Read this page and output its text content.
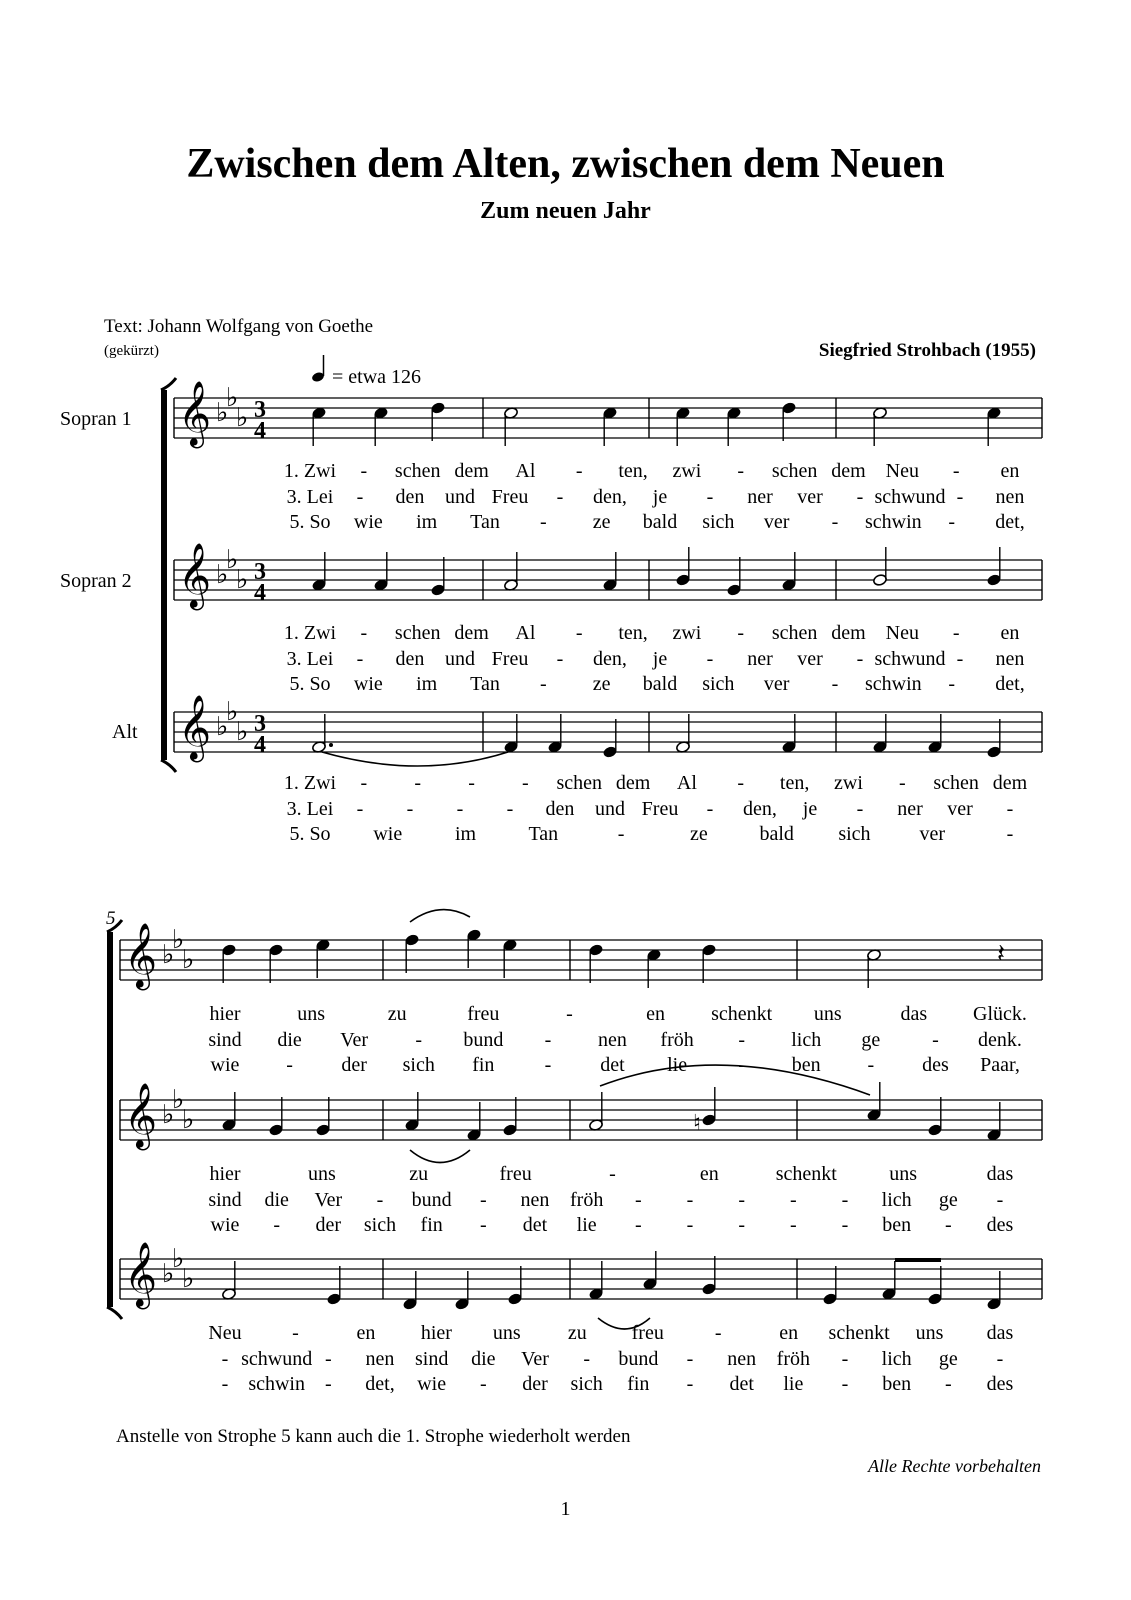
Zwischen dem Alten, zwischen dem Neuen
Zum neuen Jahr
Text: Johann Wolfgang von Goethe
(gekürzt)	Siegfried Strohbach (1955)
Sopran 1
Sopran 2
Alt
𝄞 ♭
♭
♭ 3
4
𝄞 ♭
♭
♭ 3
4
𝄞 ♭
♭
♭ 3
4
𝄞 ♭
♭
♭
𝄞 ♭
♭
♭
𝄞 ♭
♭
♭
𝄽
♮
1. Zwi - schen dem Al - ten, zwi - schen dem Neu - en
3. Lei - den und Freu - den, je - ner ver - schwund - nen
5. So wie im Tan - ze bald sich ver - schwin - det,
hier	uns	zu	freu	-	en schenkt uns	das Glück.
sind die Ver - bund - nen fröh - lich ge	- denk.
wie - der sich fin	- det lie	- ben - des Paar,
1. Zwi - schen dem Al - ten, zwi - schen dem Neu - en
3. Lei - den und Freu - den, je - ner ver - schwund - nen
5. So wie im Tan - ze bald sich ver - schwin - det,
hier	uns	zu	freu	-	en	schenkt	uns	das
sind die Ver - bund - nen fröh - - - - - lich ge -
wie - der sich fin - det lie - - - - - ben - des
1. Zwi - - - - schen dem Al - ten, zwi - schen dem
3. Lei - - - - den und Freu - den, je - ner ver -
5. So wie	im	Tan	-	ze	bald sich ver	-
Neu	-	en hier uns zu freu	-	en schenkt uns das
- schwund - nen sind die Ver - bund - nen fröh - lich ge -
- schwin - det, wie - der sich fin - det lie - ben - des
= etwa 126
5
Anstelle von Strophe 5 kann auch die 1. Strophe wiederholt werden
Alle Rechte vorbehalten
1
